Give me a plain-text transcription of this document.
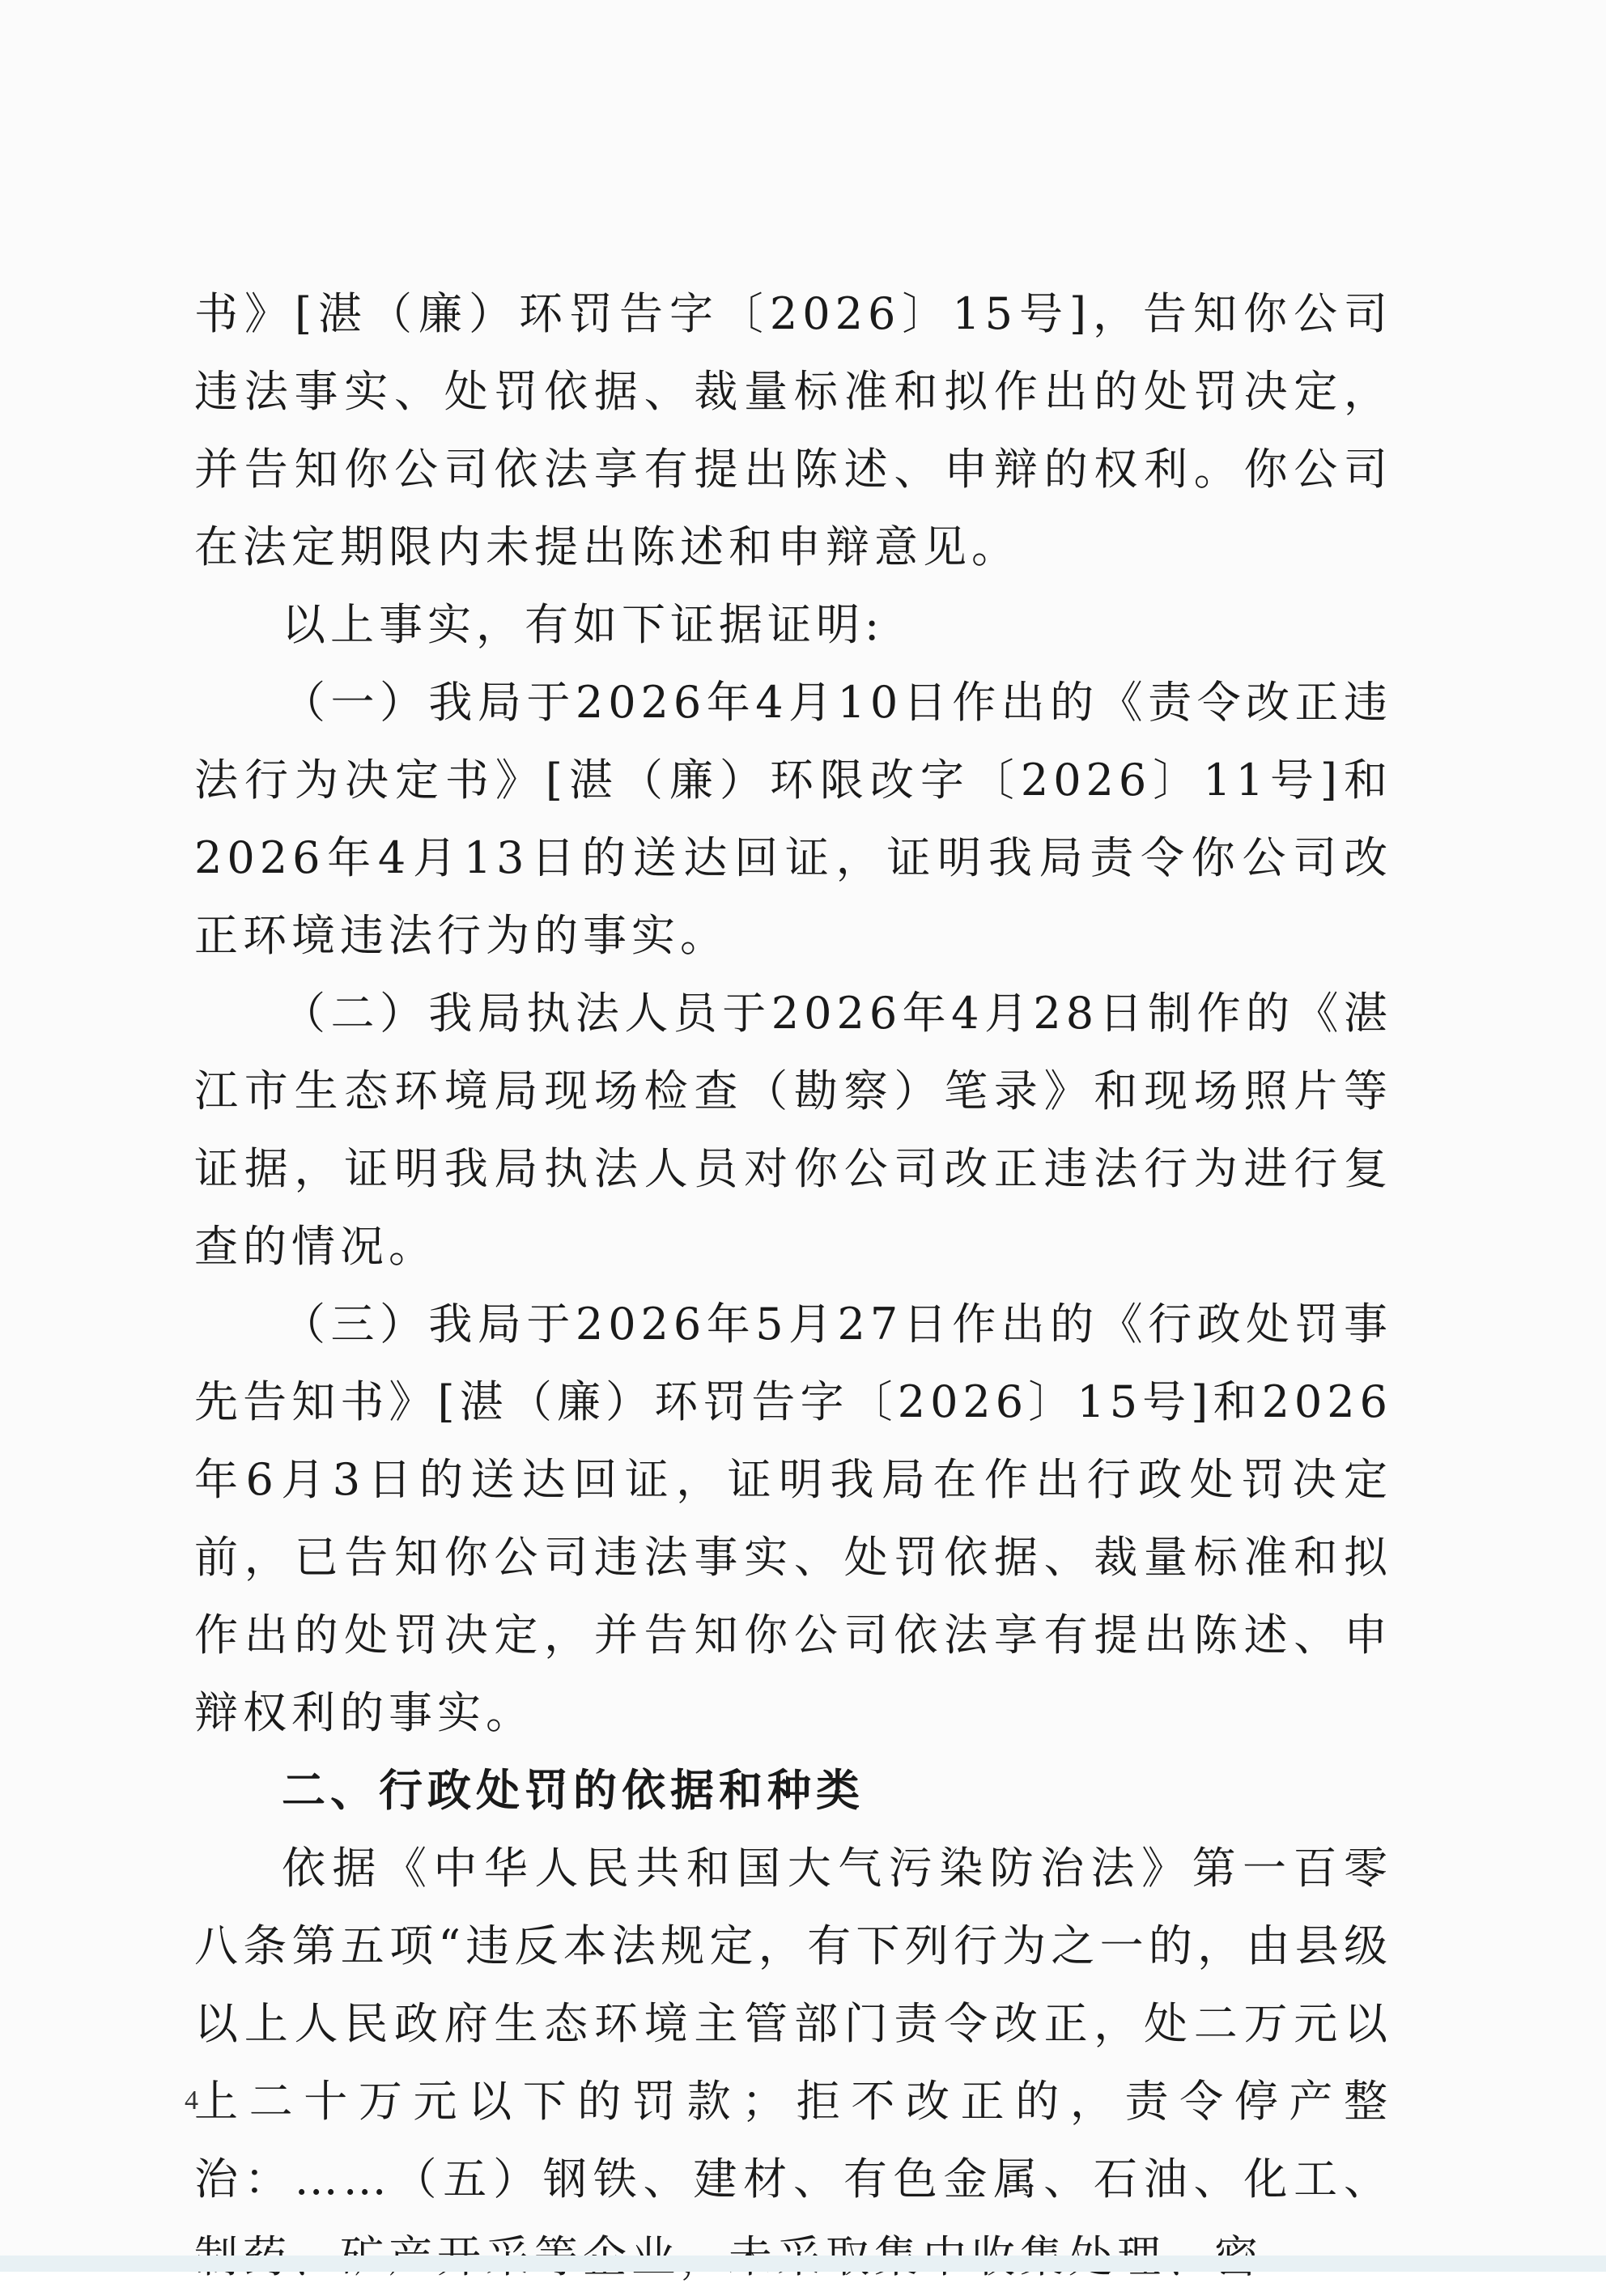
书》[湛（廉）环罚告字〔2026〕15号]，告知你公司违法事实、处罚依据、裁量标准和拟作出的处罚决定，并告知你公司依法享有提出陈述、申辩的权利。你公司在法定期限内未提出陈述和申辩意见。

以上事实，有如下证据证明:

（一）我局于2026年4月10日作出的《责令改正违法行为决定书》[湛（廉）环限改字〔2026〕11号]和2026年4月13日的送达回证，证明我局责令你公司改正环境违法行为的事实。

（二）我局执法人员于2026年4月28日制作的《湛江市生态环境局现场检查（勘察）笔录》和现场照片等证据，证明我局执法人员对你公司改正违法行为进行复查的情况。

（三）我局于2026年5月27日作出的《行政处罚事先告知书》[湛（廉）环罚告字〔2026〕15号]和2026年6月3日的送达回证，证明我局在作出行政处罚决定前，已告知你公司违法事实、处罚依据、裁量标准和拟作出的处罚决定，并告知你公司依法享有提出陈述、申辩权利的事实。

二、行政处罚的依据和种类

依据《中华人民共和国大气污染防治法》第一百零八条第五项“违反本法规定，有下列行为之一的，由县级以上人民政府生态环境主管部门责令改正，处二万元以上二十万元以下的罚款；拒不改正的，责令停产整治：……（五）钢铁、建材、有色金属、石油、化工、

4
